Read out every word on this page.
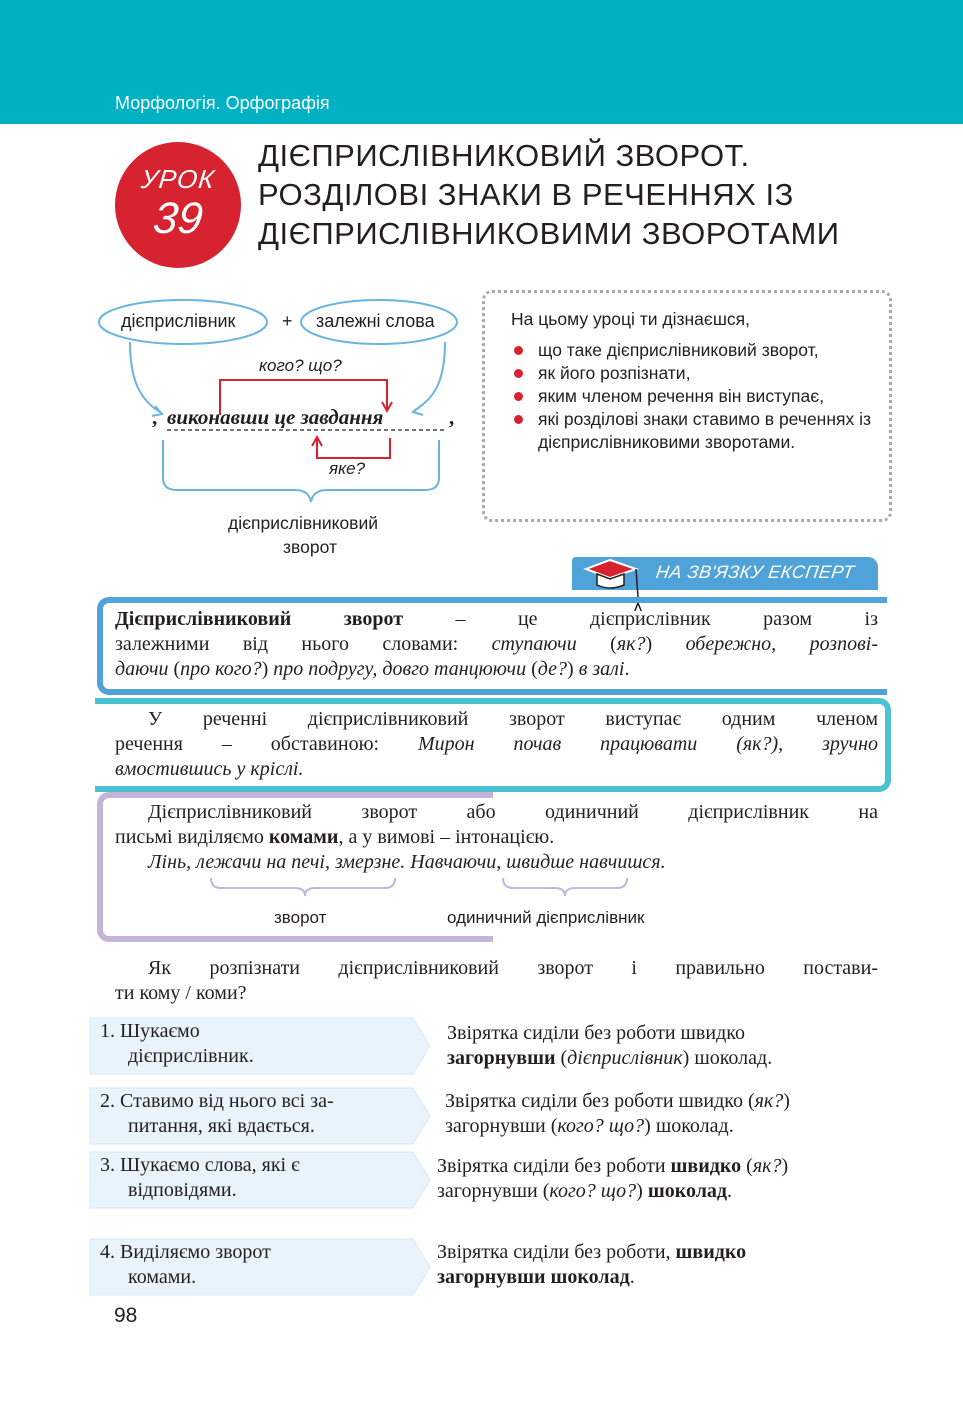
Морфологія. Орфографія
УРОК
39
ДІЄПРИСЛІВНИКОВИЙ ЗВОРОТ.
РОЗДІЛОВІ ЗНАКИ В РЕЧЕННЯХ ІЗ
ДІЄПРИСЛІВНИКОВИМИ ЗВОРОТАМИ
дієприслівник	+ залежні слова
кого? що?
, виконавши це завдання	,
яке?
дієприслівниковий
зворот
На цьому уроці ти дізнаєшся,
що таке дієприслівниковий зворот,
як його розпізнати,
яким членом речення він виступає,
які розділові знаки ставимо в реченнях із дієприслівниковими зворотами.
НА ЗВ'ЯЗКУ ЕКСПЕРТ
Дієприслівниковий зворот – це дієприслівник разом із
залежними від нього словами: ступаючи (як?) обережно, розпові-
даючи (про кого?) про подругу, довго танцюючи (де?) в залі.
У реченні дієприслівниковий зворот виступає одним членом
речення – обставиною: Мирон почав працювати (як?), зручно
вмостившись у кріслі.
Дієприслівниковий зворот або одиничний дієприслівник на
письмі виділяємо комами, а у вимові – інтонацією.
Лінь, лежачи на печі, змерзне. Навчаючи, швидше навчишся.
зворот	одиничний дієприслівник
Як розпізнати дієприслівниковий зворот і правильно постави-
ти кому / коми?
1. Шукаємо
дієприслівник.
2. Ставимо від нього всі за-
питання, які вдається.
3. Шукаємо слова, які є
відповідями.
4. Виділяємо зворот
комами.
Звірятка сиділи без роботи швидко
загорнувши (дієприслівник) шоколад.
Звірятка сиділи без роботи швидко (як?)
загорнувши (кого? що?) шоколад.
Звірятка сиділи без роботи швидко (як?)
загорнувши (кого? що?) шоколад.
Звірятка сиділи без роботи, швидко
загорнувши шоколад.
98
